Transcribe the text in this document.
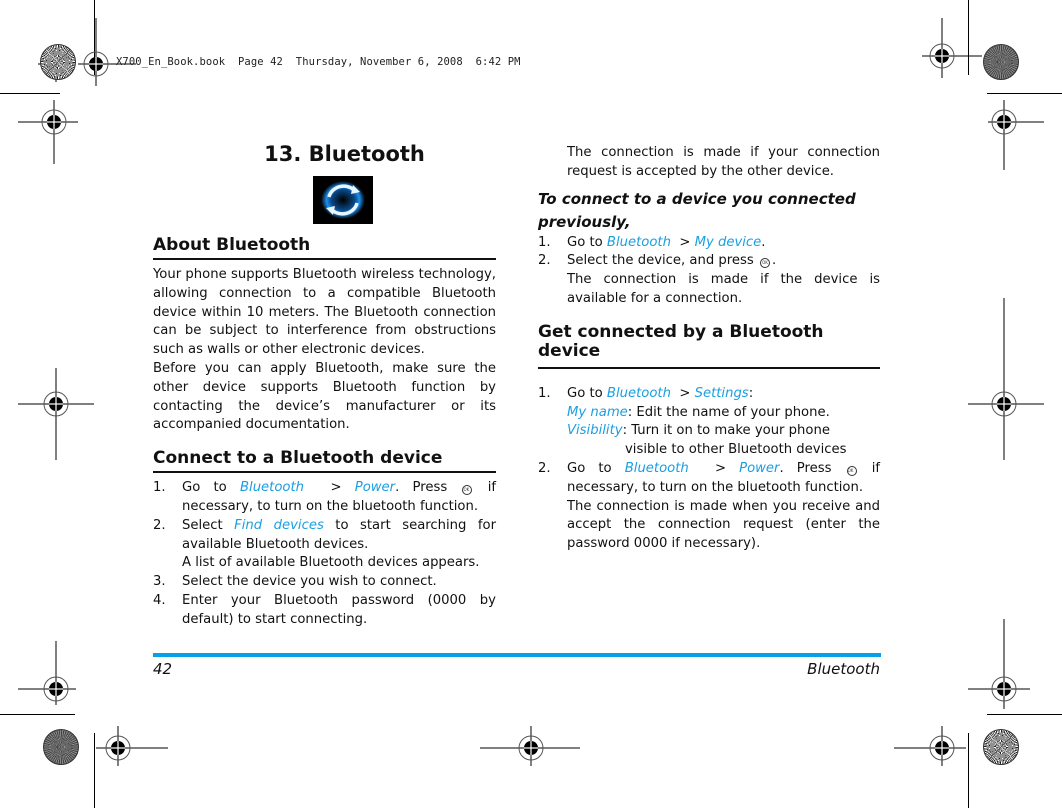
X700_En_Book.book  Page 42  Thursday, November 6, 2008  6:42 PM
13. Bluetooth
About Bluetooth

Your phone supports Bluetooth wireless technology, allowing connection to a compatible Bluetooth device within 10 meters. The Bluetooth connection can be subject to interference from obstructions such as walls or other electronic devices.

Before you can apply Bluetooth, make sure the other device supports Bluetooth function by contacting the device’s manufacturer or its accompanied documentation.

Connect to a Bluetooth device
1. Go to Bluetooth  > Power. Press	OK if necessary, to turn on the bluetooth function.
2. Select Find devices to start searching for available Bluetooth devices.
A list of available Bluetooth devices appears.
3. Select the device you wish to connect.
4. Enter your Bluetooth password (0000 by default) to start connecting.
The connection is made if your connection request is accepted by the other device.
To connect to a device you connected previously,
1. Go to Bluetooth  > My device.
2. Select the device, and press OK .
The connection is made if the device is available for a connection.
Get connected by a Bluetooth device
1. Go to Bluetooth  > Settings:
My name: Edit the name of your phone.
Visibility: Turn it on to make your phone
visible to other Bluetooth devices
2. Go to Bluetooth  > Power. Press	OK if necessary, to turn on the bluetooth function.
The connection is made when you receive and accept the connection request (enter the password 0000 if necessary).
42	Bluetooth
